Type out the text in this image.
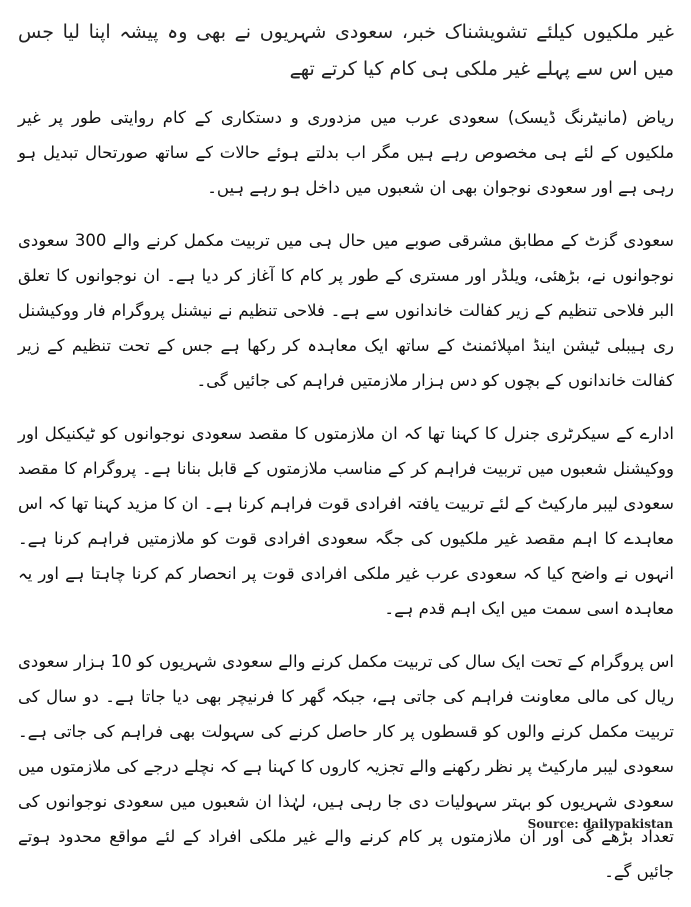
غیر ملکیوں کیلئے تشویشناک خبر، سعودی شہریوں نے بھی وہ پیشہ اپنا لیا جس میں اس سے پہلے غیر ملکی ہی کام کیا کرتے تھے

ریاض (مانیٹرنگ ڈیسک) سعودی عرب میں مزدوری و دستکاری کے کام روایتی طور پر غیر ملکیوں کے لئے ہی مخصوص رہے ہیں مگر اب بدلتے ہوئے حالات کے ساتھ صورتحال تبدیل ہو رہی ہے اور سعودی نوجوان بھی ان شعبوں میں داخل ہو رہے ہیں۔

سعودی گزٹ کے مطابق مشرقی صوبے میں حال ہی میں تربیت مکمل کرنے والے 300 سعودی نوجوانوں نے، بڑھئی، ویلڈر اور مستری کے طور پر کام کا آغاز کر دیا ہے۔ ان نوجوانوں کا تعلق البر فلاحی تنظیم کے زیر کفالت خاندانوں سے ہے۔ فلاحی تنظیم نے نیشنل پروگرام فار ووکیشنل ری ہیبلی ٹیشن اینڈ امپلائمنٹ کے ساتھ ایک معاہدہ کر رکھا ہے جس کے تحت تنظیم کے زیر کفالت خاندانوں کے بچوں کو دس ہزار ملازمتیں فراہم کی جائیں گی۔

ادارے کے سیکرٹری جنرل کا کہنا تھا کہ ان ملازمتوں کا مقصد سعودی نوجوانوں کو ٹیکنیکل اور ووکیشنل شعبوں میں تربیت فراہم کر کے مناسب ملازمتوں کے قابل بنانا ہے۔ پروگرام کا مقصد سعودی لیبر مارکیٹ کے لئے تربیت یافتہ افرادی قوت فراہم کرنا ہے۔ ان کا مزید کہنا تھا کہ اس معاہدے کا اہم مقصد غیر ملکیوں کی جگہ سعودی افرادی قوت کو ملازمتیں فراہم کرنا ہے۔ انہوں نے واضح کیا کہ سعودی عرب غیر ملکی افرادی قوت پر انحصار کم کرنا چاہتا ہے اور یہ معاہدہ اسی سمت میں ایک اہم قدم ہے۔

اس پروگرام کے تحت ایک سال کی تربیت مکمل کرنے والے سعودی شہریوں کو 10 ہزار سعودی ریال کی مالی معاونت فراہم کی جاتی ہے، جبکہ گھر کا فرنیچر بھی دیا جاتا ہے۔ دو سال کی تربیت مکمل کرنے والوں کو قسطوں پر کار حاصل کرنے کی سہولت بھی فراہم کی جاتی ہے۔ سعودی لیبر مارکیٹ پر نظر رکھنے والے تجزیہ کاروں کا کہنا ہے کہ نچلے درجے کی ملازمتوں میں سعودی شہریوں کو بہتر سہولیات دی جا رہی ہیں، لہٰذا ان شعبوں میں سعودی نوجوانوں کی تعداد بڑھے گی اور ان ملازمتوں پر کام کرنے والے غیر ملکی افراد کے لئے مواقع محدود ہوتے جائیں گے۔

Source: dailypakistan
